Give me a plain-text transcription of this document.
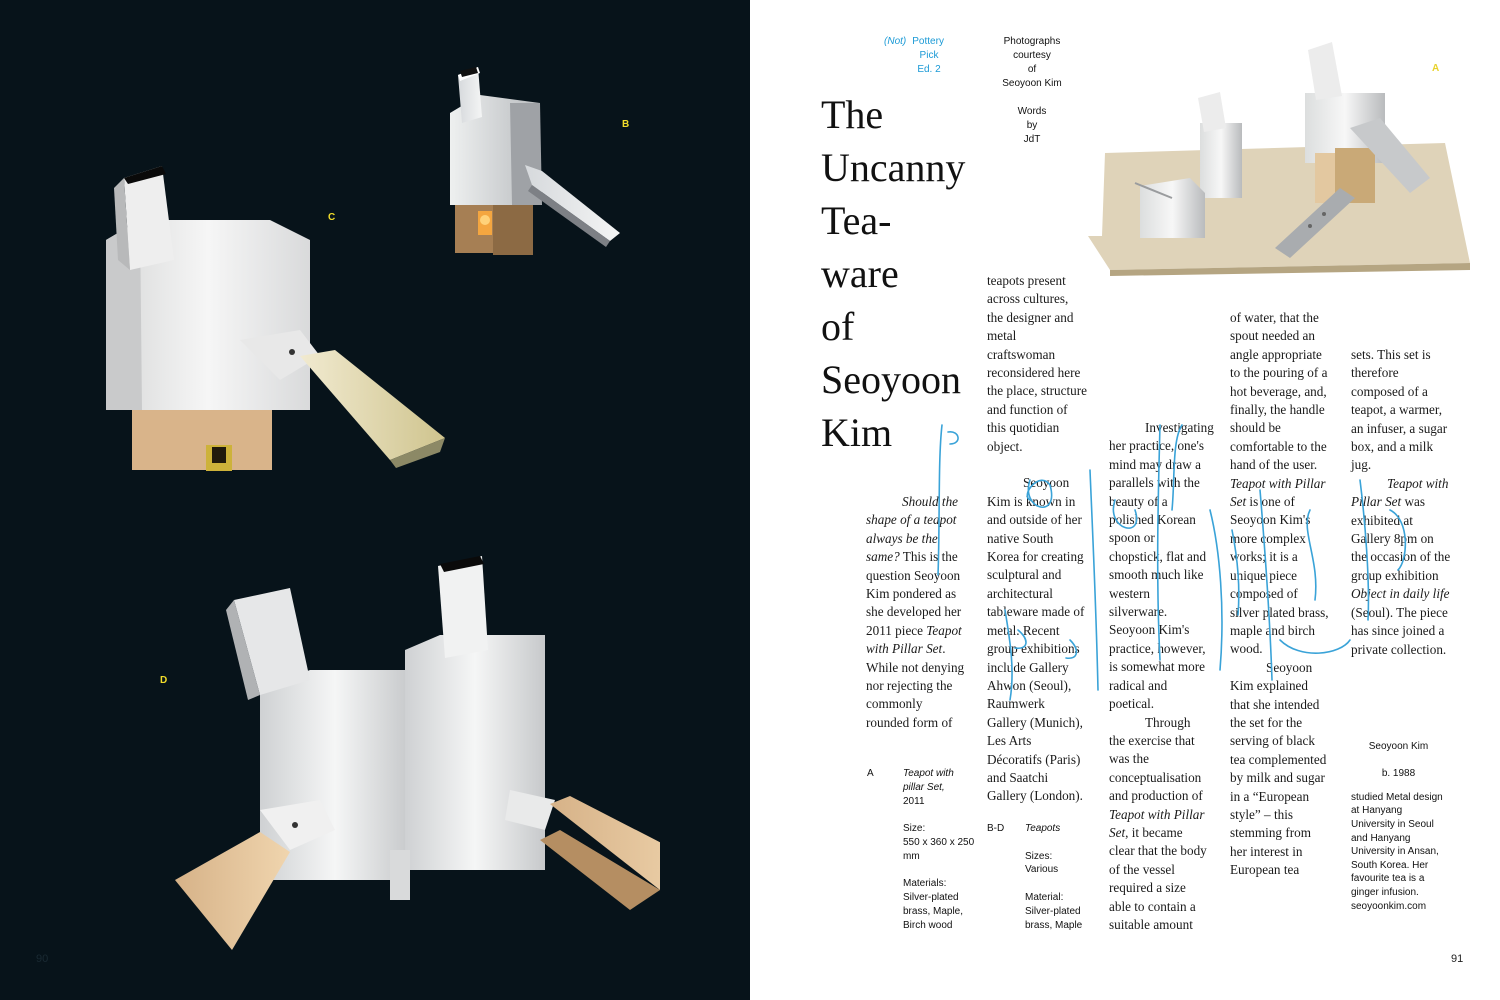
B
C
D
90
(Not) Pottery
Pick
Ed. 2
Photographs
courtesy
of
Seoyoon Kim
Words
by
JdT
The
Uncanny
Tea-
ware
of
Seoyoon
Kim
A

Should the shape of a teapot always be the same? This is the question Seoyoon Kim pondered as she developed her 2011 piece Teapot with Pillar Set. While not denying nor rejecting the commonly rounded form of

teapots present across cultures, the designer and metal craftswoman reconsidered here the place, structure and function of this quotidian object.

Seoyoon Kim is known in and outside of her native South Korea for creating sculptural and architectural tableware made of metal. Recent group exhibitions include Gallery Ahwon (Seoul), Raumwerk Gallery (Munich), Les Arts Décoratifs (Paris) and Saatchi Gallery (London).

Investigating her practice, one's mind may draw a parallels with the beauty of a polished Korean spoon or chopstick, flat and smooth much like western silverware. Seoyoon Kim's practice, however, is somewhat more radical and poetical.

Through the exercise that was the conceptualisation and production of Teapot with Pillar Set, it became clear that the body of the vessel required a size able to contain a suitable amount

of water, that the spout needed an angle appropriate to the pouring of a hot beverage, and, finally, the handle should be comfortable to the hand of the user. Teapot with Pillar Set is one of Seoyoon Kim's more complex works; it is a unique piece composed of silver plated brass, maple and birch wood.

Seoyoon Kim explained that she intended the set for the serving of black tea complemented by milk and sugar in a “European style” – this stemming from her interest in European tea

sets. This set is therefore composed of a teapot, a warmer, an infuser, a sugar box, and a milk jug.

Teapot with Pillar Set was exhibited at Gallery 8pm on the occasion of the group exhibition Object in daily life (Seoul). The piece has since joined a private collection.

A	Teapot with pillar Set,

2011

Size:

550 x 360 x 250 mm

Materials:

Silver-plated brass, Maple, Birch wood

B-D Teapots

Sizes:

Various

Material:

Silver-plated brass, Maple

Seoyoon Kim

b. 1988

studied Metal design at Hanyang University in Seoul and Hanyang University in Ansan, South Korea. Her favourite tea is a ginger infusion.

seoyoonkim.com

91
